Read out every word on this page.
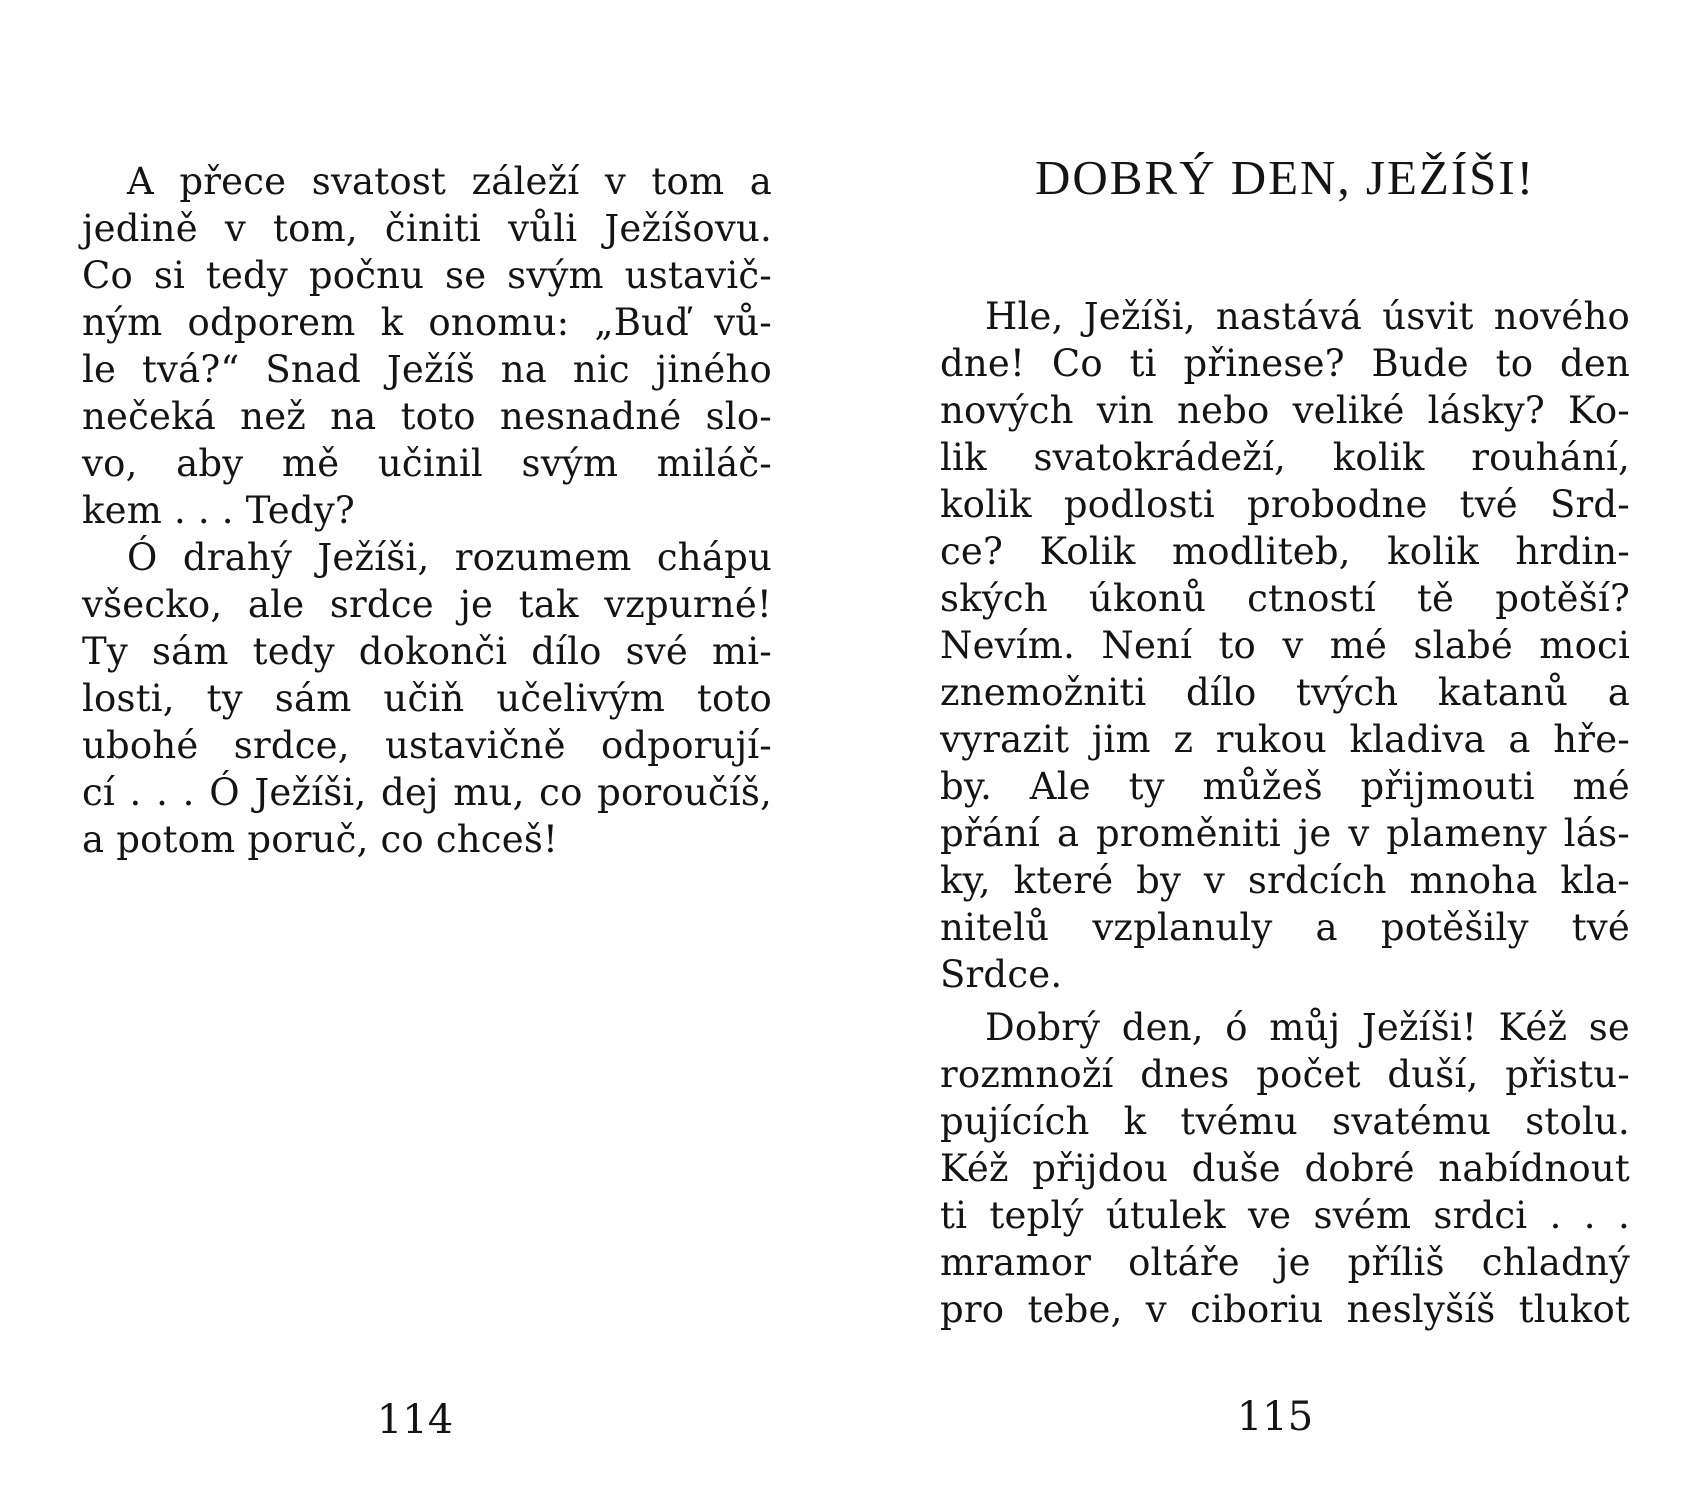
A přece svatost záleží v tom a
jedině v tom, činiti vůli Ježíšovu.
Co si tedy počnu se svým ustavič-
ným odporem k onomu: „Buď vů-
le tvá?“ Snad Ježíš na nic jiného
nečeká než na toto nesnadné slo-
vo, aby mě učinil svým miláč-
kem . . . Tedy?
Ó drahý Ježíši, rozumem chápu
všecko, ale srdce je tak vzpurné!
Ty sám tedy dokonči dílo své mi-
losti, ty sám učiň učelivým toto
ubohé srdce, ustavičně odporují-
cí . . . Ó Ježíši, dej mu, co poroučíš,
a potom poruč, co chceš!
114
DOBRÝ DEN, JEŽÍŠI!
Hle, Ježíši, nastává úsvit nového
dne! Co ti přinese? Bude to den
nových vin nebo veliké lásky? Ko-
lik svatokrádeží, kolik rouhání,
kolik podlosti probodne tvé Srd-
ce? Kolik modliteb, kolik hrdin-
ských úkonů ctností tě potěší?
Nevím. Není to v mé slabé moci
znemožniti dílo tvých katanů a
vyrazit jim z rukou kladiva a hře-
by. Ale ty můžeš přijmouti mé
přání a proměniti je v plameny lás-
ky, které by v srdcích mnoha kla-
nitelů vzplanuly a potěšily tvé
Srdce.
Dobrý den, ó můj Ježíši! Kéž se
rozmnoží dnes počet duší, přistu-
pujících k tvému svatému stolu.
Kéž přijdou duše dobré nabídnout
ti teplý útulek ve svém srdci . . .
mramor oltáře je příliš chladný
pro tebe, v ciboriu neslyšíš tlukot
115
